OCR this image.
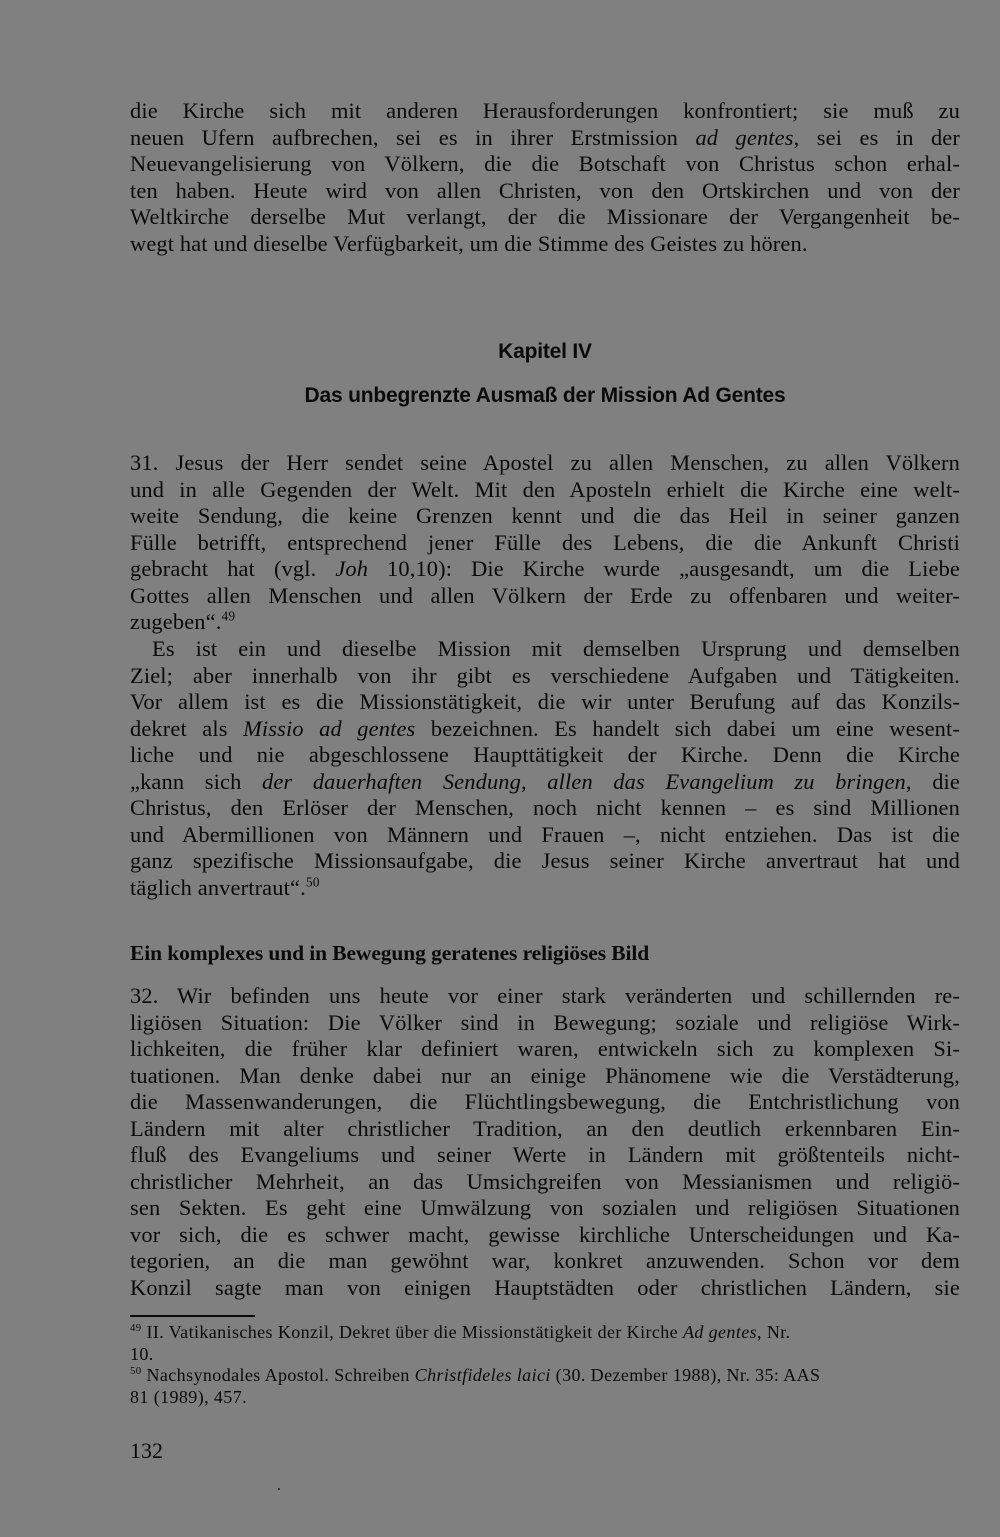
die Kirche sich mit anderen Herausforderungen konfrontiert; sie muß zu
neuen Ufern aufbrechen, sei es in ihrer Erstmission ad gentes, sei es in der
Neuevangelisierung von Völkern, die die Botschaft von Christus schon erhal-
ten haben. Heute wird von allen Christen, von den Ortskirchen und von der
Weltkirche derselbe Mut verlangt, der die Missionare der Vergangenheit be-
wegt hat und dieselbe Verfügbarkeit, um die Stimme des Geistes zu hören.
Kapitel IV
Das unbegrenzte Ausmaß der Mission Ad Gentes
31. Jesus der Herr sendet seine Apostel zu allen Menschen, zu allen Völkern
und in alle Gegenden der Welt. Mit den Aposteln erhielt die Kirche eine welt-
weite Sendung, die keine Grenzen kennt und die das Heil in seiner ganzen
Fülle betrifft, entsprechend jener Fülle des Lebens, die die Ankunft Christi
gebracht hat (vgl. Joh 10,10): Die Kirche wurde „ausgesandt, um die Liebe
Gottes allen Menschen und allen Völkern der Erde zu offenbaren und weiter-
zugeben“.$^{49}$
Es ist ein und dieselbe Mission mit demselben Ursprung und demselben
Ziel; aber innerhalb von ihr gibt es verschiedene Aufgaben und Tätigkeiten.
Vor allem ist es die Missionstätigkeit, die wir unter Berufung auf das Konzils-
dekret als Missio ad gentes bezeichnen. Es handelt sich dabei um eine wesent-
liche und nie abgeschlossene Haupttätigkeit der Kirche. Denn die Kirche
„kann sich der dauerhaften Sendung, allen das Evangelium zu bringen, die
Christus, den Erlöser der Menschen, noch nicht kennen – es sind Millionen
und Abermillionen von Männern und Frauen –, nicht entziehen. Das ist die
ganz spezifische Missionsaufgabe, die Jesus seiner Kirche anvertraut hat und
täglich anvertraut“.$^{50}$
Ein komplexes und in Bewegung geratenes religiöses Bild
32. Wir befinden uns heute vor einer stark veränderten und schillernden re-
ligiösen Situation: Die Völker sind in Bewegung; soziale und religiöse Wirk-
lichkeiten, die früher klar definiert waren, entwickeln sich zu komplexen Si-
tuationen. Man denke dabei nur an einige Phänomene wie die Verstädterung,
die Massenwanderungen, die Flüchtlingsbewegung, die Entchristlichung von
Ländern mit alter christlicher Tradition, an den deutlich erkennbaren Ein-
fluß des Evangeliums und seiner Werte in Ländern mit größtenteils nicht-
christlicher Mehrheit, an das Umsichgreifen von Messianismen und religiö-
sen Sekten. Es geht eine Umwälzung von sozialen und religiösen Situationen
vor sich, die es schwer macht, gewisse kirchliche Unterscheidungen und Ka-
tegorien, an die man gewöhnt war, konkret anzuwenden. Schon vor dem
Konzil sagte man von einigen Hauptstädten oder christlichen Ländern, sie
$^{49}$ II. Vatikanisches Konzil, Dekret über die Missionstätigkeit der Kirche Ad gentes, Nr.
10.
$^{50}$ Nachsynodales Apostol. Schreiben Christfideles laici (30. Dezember 1988), Nr. 35: AAS
81 (1989), 457.
132
